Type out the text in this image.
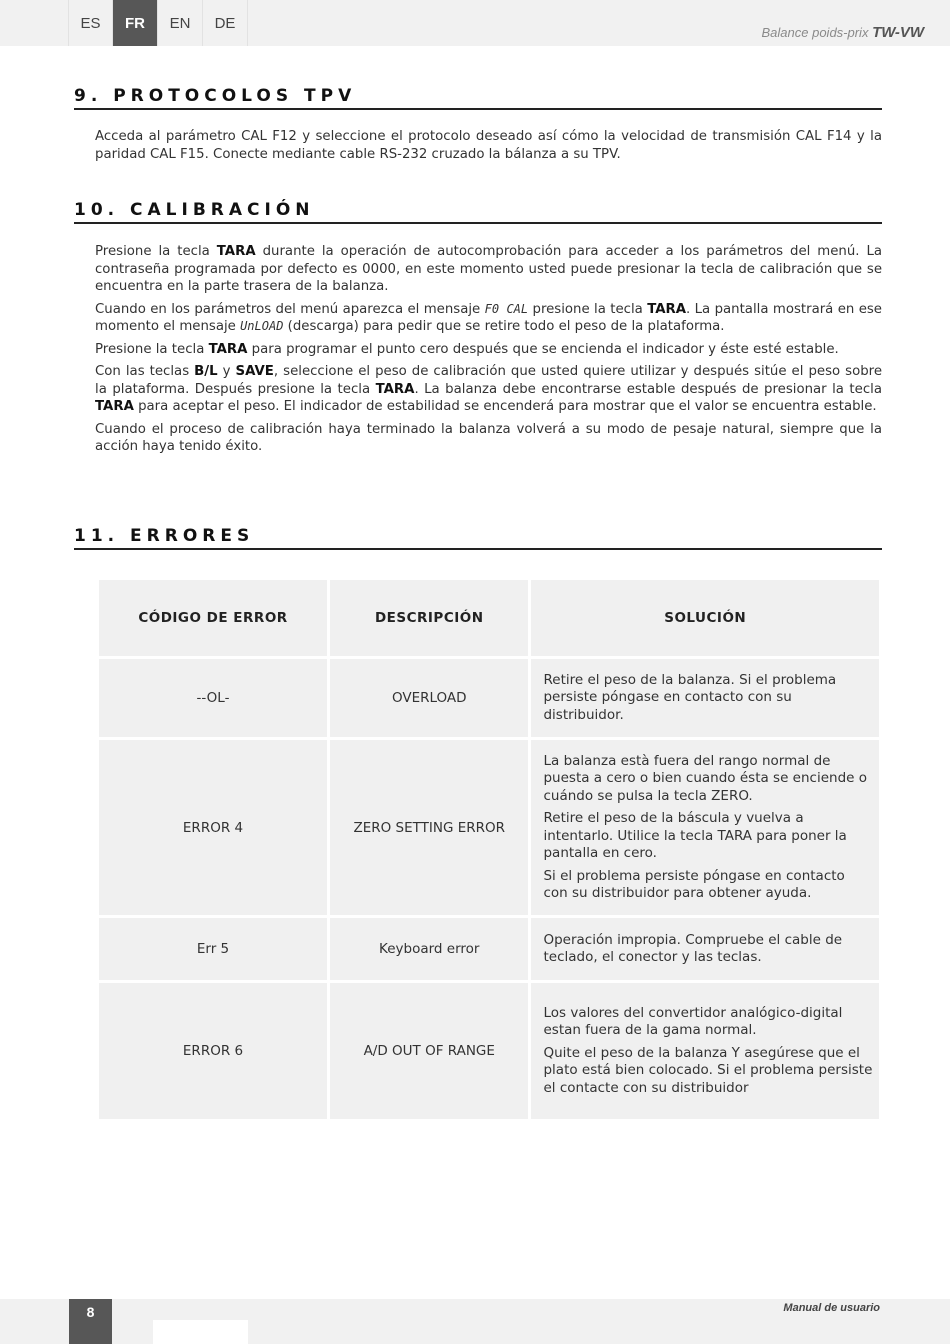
ES	FR	EN	DE
Balance poids-prix TW-VW
9. PROTOCOLOS TPV

Acceda al parámetro CAL F12 y seleccione el protocolo deseado así cómo la velocidad de transmisión CAL F14 y la paridad CAL F15. Conecte mediante cable RS-232 cruzado la bálanza a su TPV.

10. CALIBRACIÓN

Presione la tecla TARA durante la operación de autocomprobación para acceder a los parámetros del menú. La contraseña programada por defecto es 0000, en este momento usted puede presionar la tecla de calibración que se encuentra en la parte trasera de la balanza.

Cuando en los parámetros del menú aparezca el mensaje F0 CAL presione la tecla TARA. La pantalla mostrará en ese momento el mensaje UnLOAD (descarga) para pedir que se retire todo el peso de la plataforma.

Presione la tecla TARA para programar el punto cero después que se encienda el indicador y éste esté estable.

Con las teclas B/L y SAVE, seleccione el peso de calibración que usted quiere utilizar y después sitúe el peso sobre la plataforma. Después presione la tecla TARA. La balanza debe encontrarse estable después de presionar la tecla TARA para aceptar el peso. El indicador de estabilidad se encenderá para mostrar que el valor se encuentra estable.

Cuando el proceso de calibración haya terminado la balanza volverá a su modo de pesaje natural, siempre que la acción haya tenido éxito.

11. ERRORES
CÓDIGO DE ERROR	DESCRIPCIÓN	SOLUCIÓN
--OL-	OVERLOAD	Retire el peso de la balanza. Si el problema persiste póngase en contacto con su distribuidor.

ERROR 4	ZERO SETTING ERROR	La balanza està fuera del rango normal de puesta a cero o bien cuando ésta se enciende o cuándo se pulsa la tecla ZERO.

Retire el peso de la báscula y vuelva a intentarlo. Utilice la tecla TARA para poner la pantalla en cero.

Si el problema persiste póngase en contacto con su distribuidor para obtener ayuda.

Err 5	Keyboard error	Operación impropia. Compruebe el cable de teclado, el conector y las teclas.

ERROR 6	A/D OUT OF RANGE	Los valores del convertidor analógico-digital estan fuera de la gama normal.

Quite el peso de la balanza Y asegúrese que el plato está bien colocado. Si el problema persiste el contacte con su distribuidor

8	Manual de usuario
